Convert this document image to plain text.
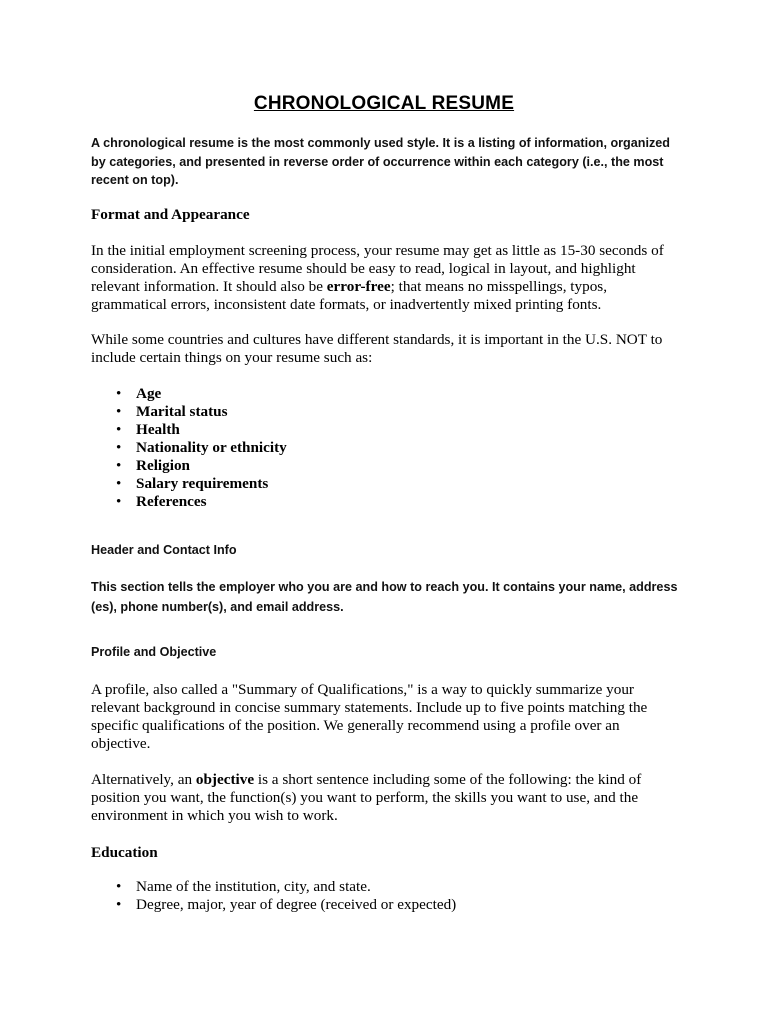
CHRONOLOGICAL RESUME
A chronological resume is the most commonly used style. It is a listing of information, organized by categories, and presented in reverse order of occurrence within each category (i.e., the most recent on top).
Format and Appearance
In the initial employment screening process, your resume may get as little as 15-30 seconds of consideration. An effective resume should be easy to read, logical in layout, and highlight relevant information. It should also be error-free; that means no misspellings, typos, grammatical errors, inconsistent date formats, or inadvertently mixed printing fonts.
While some countries and cultures have different standards, it is important in the U.S. NOT to include certain things on your resume such as:
• Age
• Marital status
• Health
• Nationality or ethnicity
• Religion
• Salary requirements
• References
Header and Contact Info
This section tells the employer who you are and how to reach you. It contains your name, address (es), phone number(s), and email address.
Profile and Objective
A profile, also called a "Summary of Qualifications," is a way to quickly summarize your relevant background in concise summary statements. Include up to five points matching the specific qualifications of the position. We generally recommend using a profile over an objective.
Alternatively, an objective is a short sentence including some of the following: the kind of position you want, the function(s) you want to perform, the skills you want to use, and the environment in which you wish to work.
Education
• Name of the institution, city, and state.
• Degree, major, year of degree (received or expected)
